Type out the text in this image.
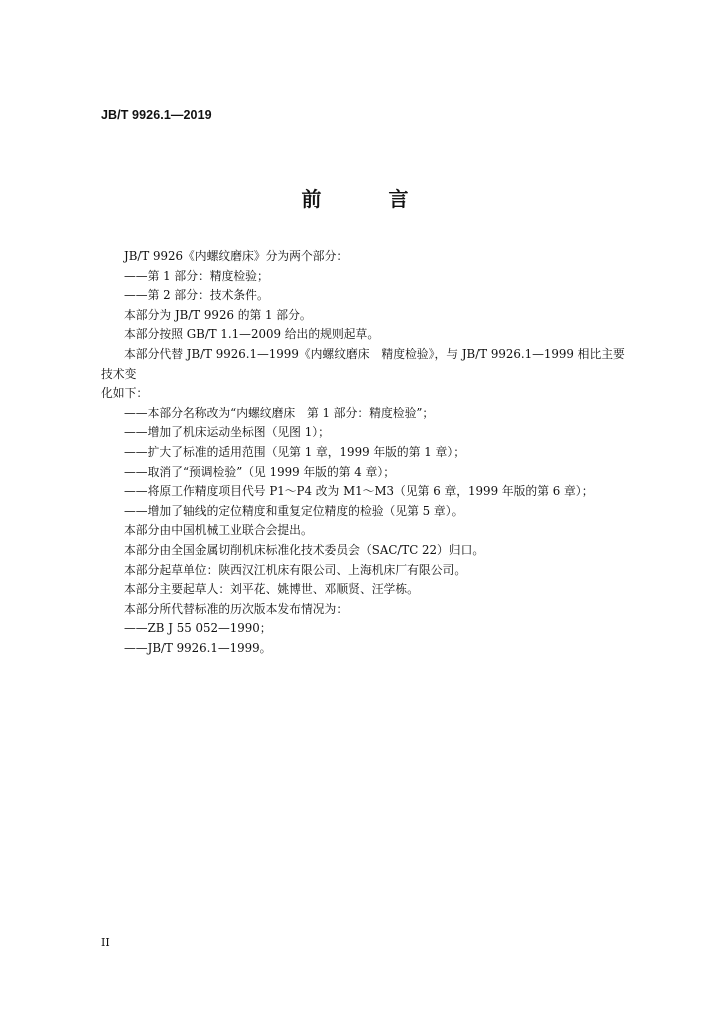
JB/T 9926.1—2019
前 言

JB/T 9926《内螺纹磨床》分为两个部分：

——第 1 部分：精度检验；

——第 2 部分：技术条件。

本部分为 JB/T 9926 的第 1 部分。

本部分按照 GB/T 1.1—2009 给出的规则起草。

本部分代替 JB/T 9926.1—1999《内螺纹磨床　精度检验》，与 JB/T 9926.1—1999 相比主要技术变

化如下：

——本部分名称改为“内螺纹磨床　第 1 部分：精度检验”；

——增加了机床运动坐标图（见图 1）；

——扩大了标准的适用范围（见第 1 章，1999 年版的第 1 章）；

——取消了“预调检验”（见 1999 年版的第 4 章）；

——将原工作精度项目代号 P1～P4 改为 M1～M3（见第 6 章，1999 年版的第 6 章）；

——增加了轴线的定位精度和重复定位精度的检验（见第 5 章）。

本部分由中国机械工业联合会提出。

本部分由全国金属切削机床标准化技术委员会（SAC/TC 22）归口。

本部分起草单位：陕西汉江机床有限公司、上海机床厂有限公司。

本部分主要起草人：刘平花、姚博世、邓顺贤、汪学栋。

本部分所代替标准的历次版本发布情况为：

——ZB J 55 052—1990；

——JB/T 9926.1—1999。

II
